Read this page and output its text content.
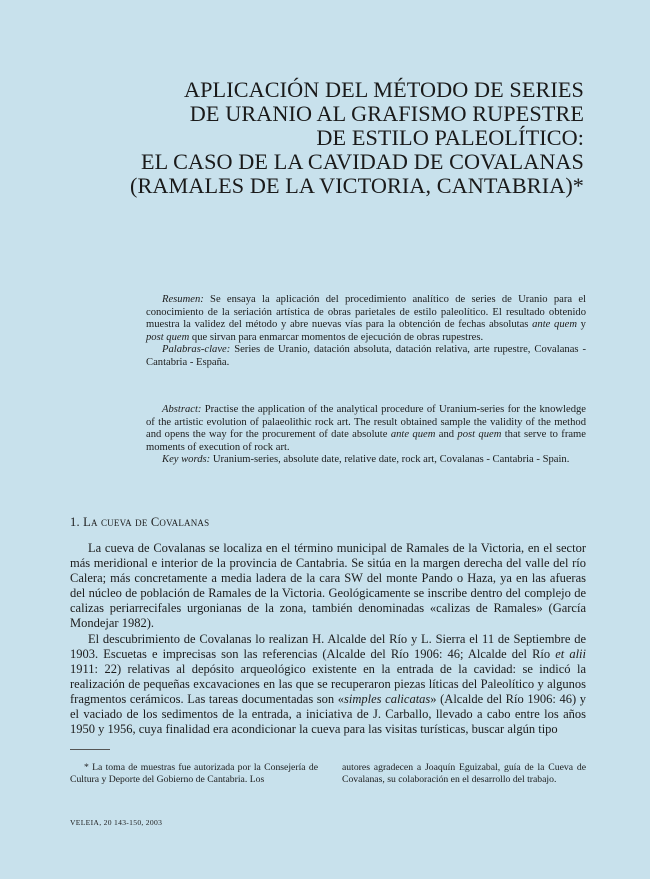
APLICACIÓN DEL MÉTODO DE SERIES
DE URANIO AL GRAFISMO RUPESTRE
DE ESTILO PALEOLÍTICO:
EL CASO DE LA CAVIDAD DE COVALANAS
(RAMALES DE LA VICTORIA, CANTABRIA)*

Resumen: Se ensaya la aplicación del procedimiento analítico de series de Uranio para el conocimiento de la seriación artística de obras parietales de estilo paleolítico. El resultado obtenido muestra la validez del método y abre nuevas vías para la obtención de fechas absolutas ante quem y post quem que sirvan para enmarcar momentos de ejecución de obras rupestres.

Palabras-clave: Series de Uranio, datación absoluta, datación relativa, arte rupestre, Covalanas - Cantabria - España.

Abstract: Practise the application of the analytical procedure of Uranium-series for the knowledge of the artistic evolution of palaeolithic rock art. The result obtained sample the validity of the method and opens the way for the procurement of date absolute ante quem and post quem that serve to frame moments of execution of rock art.

Key words: Uranium-series, absolute date, relative date, rock art, Covalanas - Cantabria - Spain.

1. La cueva de Covalanas

La cueva de Covalanas se localiza en el término municipal de Ramales de la Victoria, en el sector más meridional e interior de la provincia de Cantabria. Se sitúa en la margen derecha del valle del río Calera; más concretamente a media ladera de la cara SW del monte Pando o Haza, ya en las afueras del núcleo de población de Ramales de la Victoria. Geológicamente se inscribe dentro del complejo de calizas periarrecifales urgonianas de la zona, también denominadas «calizas de Ramales» (García Mondejar 1982).

El descubrimiento de Covalanas lo realizan H. Alcalde del Río y L. Sierra el 11 de Septiembre de 1903. Escuetas e imprecisas son las referencias (Alcalde del Río 1906: 46; Alcalde del Río et alii 1911: 22) relativas al depósito arqueológico existente en la entrada de la cavidad: se indicó la realización de pequeñas excavaciones en las que se recuperaron piezas líticas del Paleolítico y algunos fragmentos cerámicos. Las tareas documentadas son «simples calicatas» (Alcalde del Río 1906: 46) y el vaciado de los sedimentos de la entrada, a iniciativa de J. Carballo, llevado a cabo entre los años 1950 y 1956, cuya finalidad era acondicionar la cueva para las visitas turísticas, buscar algún tipo

* La toma de muestras fue autorizada por la Consejería de Cultura y Deporte del Gobierno de Cantabria. Los

autores agradecen a Joaquín Eguizabal, guía de la Cueva de Covalanas, su colaboración en el desarrollo del trabajo.

VELEIA, 20 143-150, 2003
